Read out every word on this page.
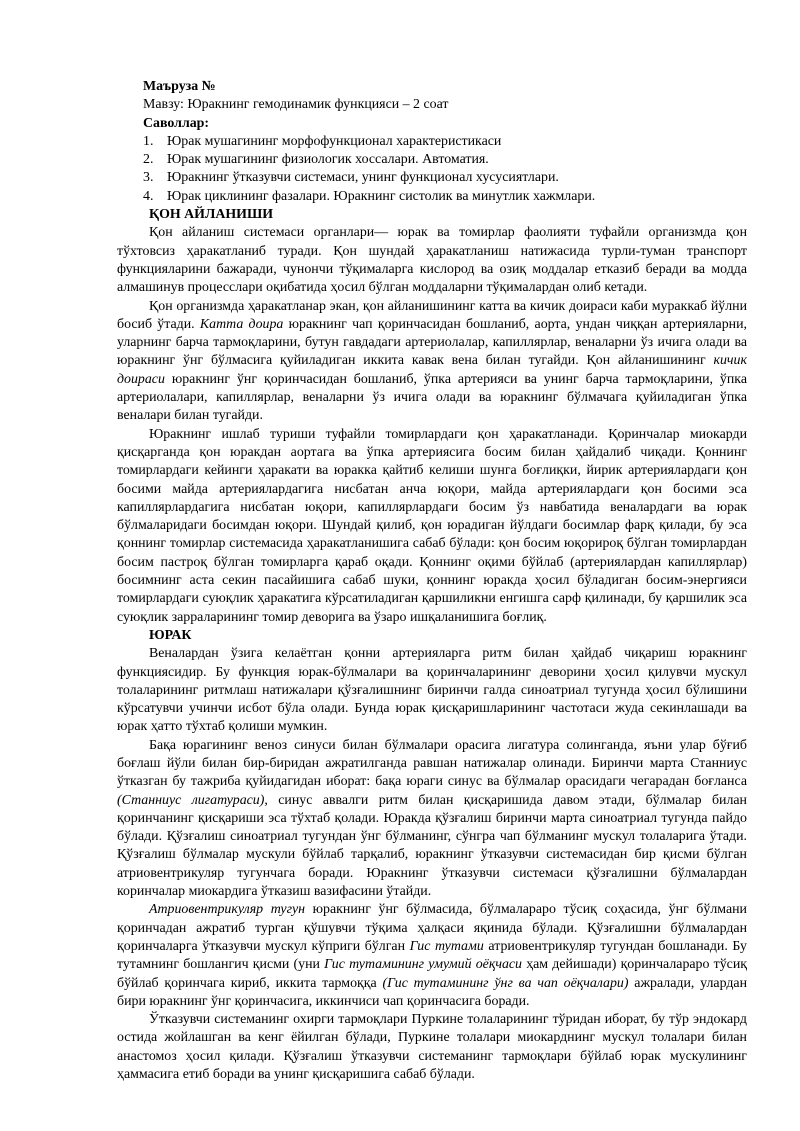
Маъруза №
Мавзу: Юракнинг гемодинамик функцияси – 2 соат
Саволлар:
1. Юрак мушагининг морфофункционал характеристикаси
2. Юрак мушагининг физиологик хоссалари. Автоматия.
3. Юракнинг ўтказувчи системаси, унинг функционал хусусиятлари.
4. Юрак циклининг фазалари. Юракнинг систолик ва минутлик хажмлари.
ҚОН АЙЛАНИШИ

Қон айланиш системаси органлари— юрак ва томирлар фаолияти туфайли организмда қон тўхтовсиз ҳаракатланиб туради. Қон шундай ҳаракатланиш натижасида турли-туман транспорт функцияларини бажаради, чунончи тўқималарга кислород ва озиқ моддалар етказиб беради ва модда алмашинув процесслари оқибатида ҳосил бўлган моддаларни тўқималардан олиб кетади.

Қон организмда ҳаракатланар экан, қон айланишининг катта ва кичик доираси каби мураккаб йўлни босиб ўтади. Катта доира юракнинг чап қоринчасидан бошланиб, аорта, ундан чиққан артерияларни, уларнинг барча тармоқларини, бутун гавдадаги артериолалар, капиллярлар, веналарни ўз ичига олади ва юракнинг ўнг бўлмасига қуйиладиган иккита кавак вена билан тугайди. Қон айланишининг кичик доираси юракнинг ўнг қоринчасидан бошланиб, ўпка артерияси ва унинг барча тармоқларини, ўпка артериолалари, капиллярлар, веналарни ўз ичига олади ва юракнинг бўлмачага қуйиладиган ўпка веналари билан тугайди.

Юракнинг ишлаб туриши туфайли томирлардаги қон ҳаракатланади. Қоринчалар миокарди қисқарганда қон юракдан аортага ва ўпка артериясига босим билан ҳайдалиб чиқади. Қоннинг томирлардаги кейинги ҳаракати ва юракка қайтиб келиши шунга боғлиқки, йирик артериялардаги қон босими майда артериялардагига нисбатан анча юқори, майда артериялардаги қон босими эса капиллярлардагига нисбатан юқори, капиллярлардаги босим ўз навбатида веналардаги ва юрак бўлмаларидаги босимдан юқори. Шундай қилиб, қон юрадиган йўлдаги босимлар фарқ қилади, бу эса қоннинг томирлар системасида ҳаракатланишига сабаб бўлади: қон босим юқорироқ бўлган томирлардан босим пастроқ бўлган томирларга қараб оқади. Қоннинг оқими бўйлаб (артериялардан капиллярлар) босимнинг аста секин пасайишига сабаб шуки, қоннинг юракда ҳосил бўладиган босим-энергияси томирлардаги суюқлик ҳаракатига кўрсатиладиган қаршиликни енгишга сарф қилинади, бу қаршилик эса суюқлик зарраларининг томир деворига ва ўзаро ишқаланишига боғлиқ.

ЮРАК

Веналардан ўзига келаётган қонни артерияларга ритм билан ҳайдаб чиқариш юракнинг функциясидир. Бу функция юрак-бўлмалари ва қоринчаларининг деворини ҳосил қилувчи мускул толаларининг ритмлаш натижалари қўзғалишнинг биринчи галда синоатриал тугунда ҳосил бўлишини кўрсатувчи учинчи исбот бўла олади. Бунда юрак қисқаришларининг частотаси жуда секинлашади ва юрак ҳатто тўхтаб қолиши мумкин.

Бақа юрагининг веноз синуси билан бўлмалари орасига лигатура солинганда, яъни улар бўғиб боғлаш йўли билан бир-биридан ажратилганда равшан натижалар олинади. Биринчи марта Станниус ўтказган бу тажриба қуйидагидан иборат: бақа юраги синус ва бўлмалар орасидаги чегарадан боғланса (Станниус лигатураси), синус аввалги ритм билан қисқаришида давом этади, бўлмалар билан қоринчанинг қисқариши эса тўхтаб қолади. Юракда қўзғалиш биринчи марта синоатриал тугунда пайдо бўлади. Қўзғалиш синоатриал тугундан ўнг бўлманинг, сўнгра чап бўлманинг мускул толаларига ўтади. Қўзғалиш бўлмалар мускули бўйлаб тарқалиб, юракнинг ўтказувчи системасидан бир қисми бўлган атриовентрикуляр тугунчага боради. Юракнинг ўтказувчи системаси қўзғалишни бўлмалардан коринчалар миокардига ўтказиш вазифасини ўтайди.

Атриовентрикуляр тугун юракнинг ўнг бўлмасида, бўлмалараро тўсиқ соҳасида, ўнг бўлмани қоринчадан ажратиб турган қўшувчи тўқима ҳалқаси яқинида бўлади. Қўзғалишни бўлмалардан қоринчаларга ўтказувчи мускул кўприги бўлган Гис тутами атриовентрикуляр тугундан бошланади. Бу тутамнинг бошлангич қисми (уни Гис тутамининг умумий оёқчаси ҳам дейишади) қоринчалараро тўсиқ бўйлаб қоринчага кириб, иккита тармоққа (Гис тутамининг ўнг ва чап оёқчалари) ажралади, улардан бири юракнинг ўнг қоринчасига, иккинчиси чап қоринчасига боради.

Ўтказувчи системанинг охирги тармоқлари Пуркине толаларининг тўридан иборат, бу тўр эндокард остида жойлашган ва кенг ёйилган бўлади, Пуркине толалари миокарднинг мускул толалари билан анастомоз ҳосил қилади. Қўзғалиш ўтказувчи системанинг тармоқлари бўйлаб юрак мускулининг ҳаммасига етиб боради ва унинг қисқаришига сабаб бўлади.
